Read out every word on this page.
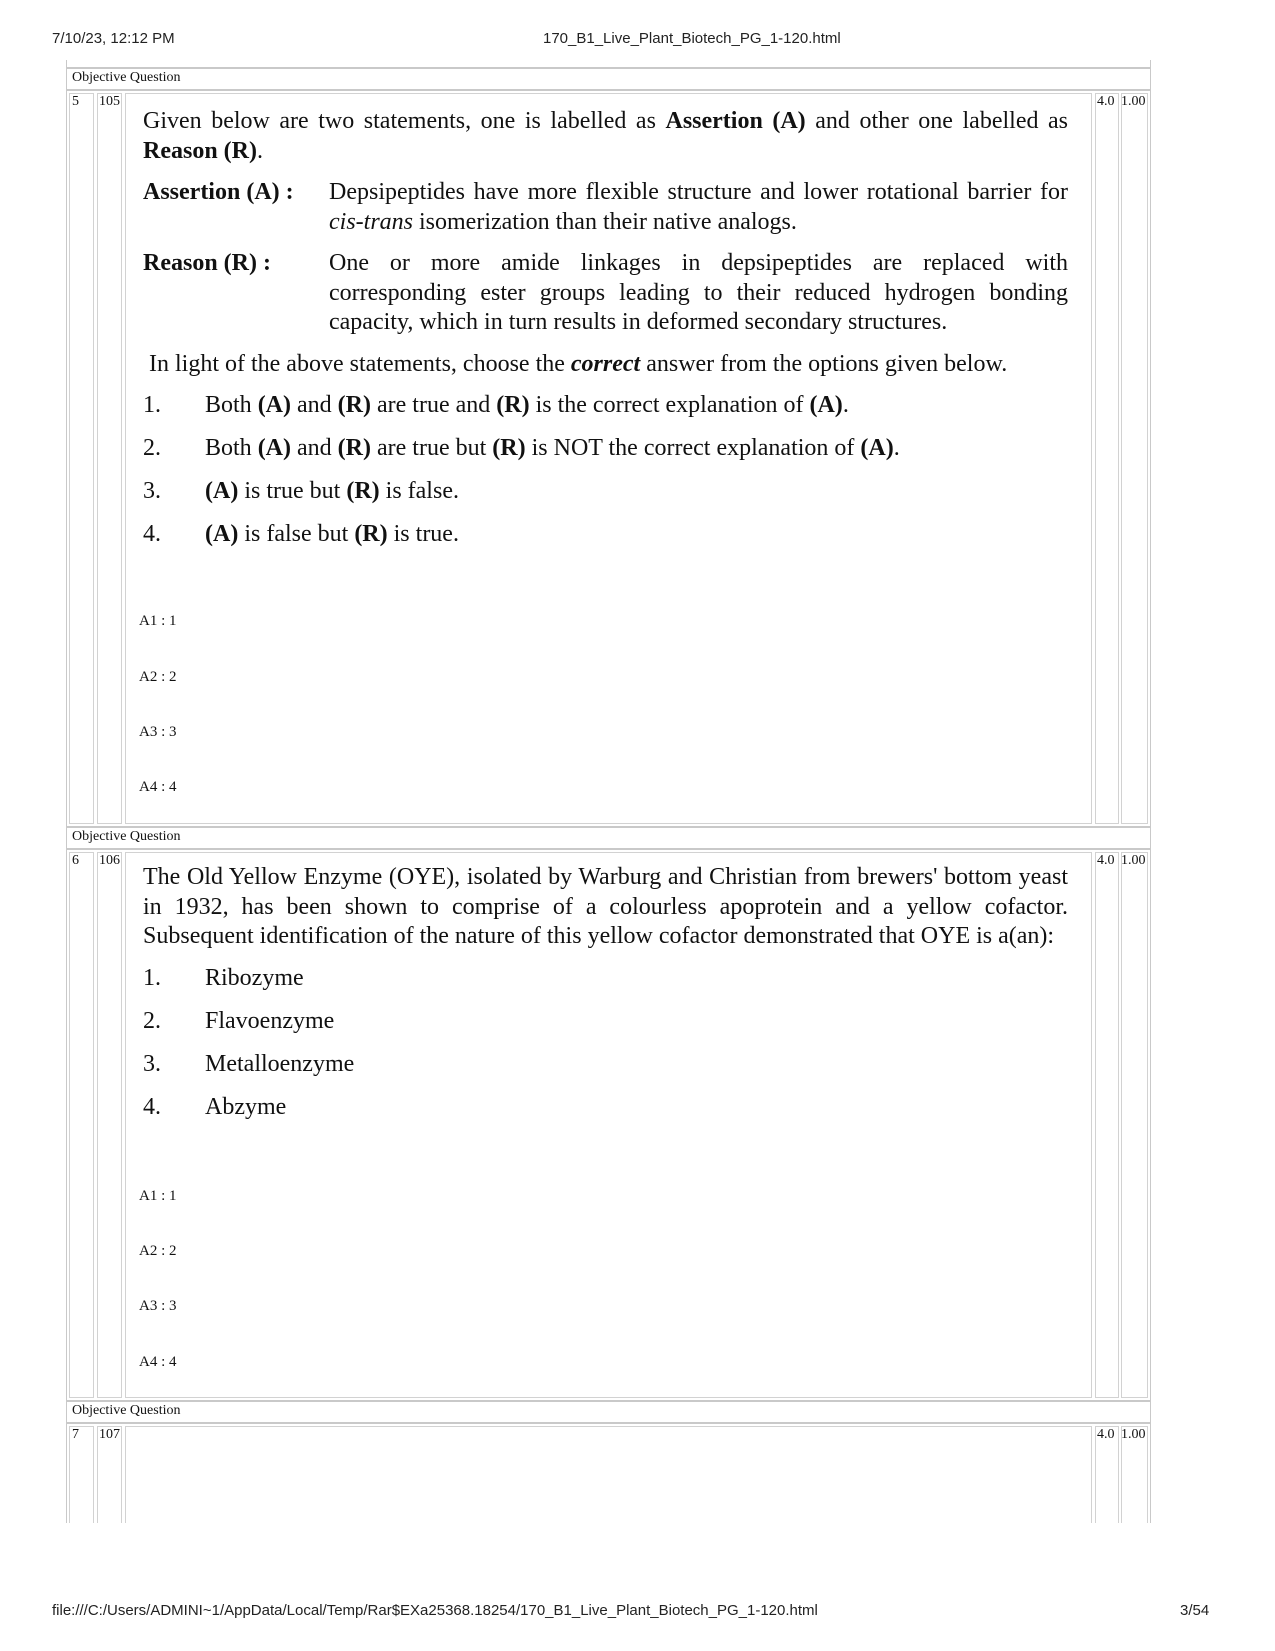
7/10/23, 12:12 PM	170_B1_Live_Plant_Biotech_PG_1-120.html
Objective Question
5 105	4.0 1.00

Given below are two statements, one is labelled as Assertion (A) and other one labelled as Reason (R).

Assertion (A) :	Depsipeptides have more flexible structure and lower rotational barrier for cis-trans isomerization than their native analogs.
Reason (R) :	One or more amide linkages in depsipeptides are replaced with corresponding ester groups leading to their reduced hydrogen bonding capacity, which in turn results in deformed secondary structures.

In light of the above statements, choose the correct answer from the options given below.

1.	Both (A) and (R) are true and (R) is the correct explanation of (A).
2.	Both (A) and (R) are true but (R) is NOT the correct explanation of (A).
3.	(A) is true but (R) is false.
4.	(A) is false but (R) is true.
A1 : 1
A2 : 2
A3 : 3
A4 : 4
Objective Question
6 106	4.0 1.00

The Old Yellow Enzyme (OYE), isolated by Warburg and Christian from brewers' bottom yeast in 1932, has been shown to comprise of a colourless apoprotein and a yellow cofactor. Subsequent identification of the nature of this yellow cofactor demonstrated that OYE is a(an):

1.	Ribozyme
2.	Flavoenzyme
3.	Metalloenzyme
4.	Abzyme
A1 : 1
A2 : 2
A3 : 3
A4 : 4
Objective Question
7 107	4.0 1.00
file:///C:/Users/ADMINI~1/AppData/Local/Temp/Rar$EXa25368.18254/170_B1_Live_Plant_Biotech_PG_1-120.html	3/54
